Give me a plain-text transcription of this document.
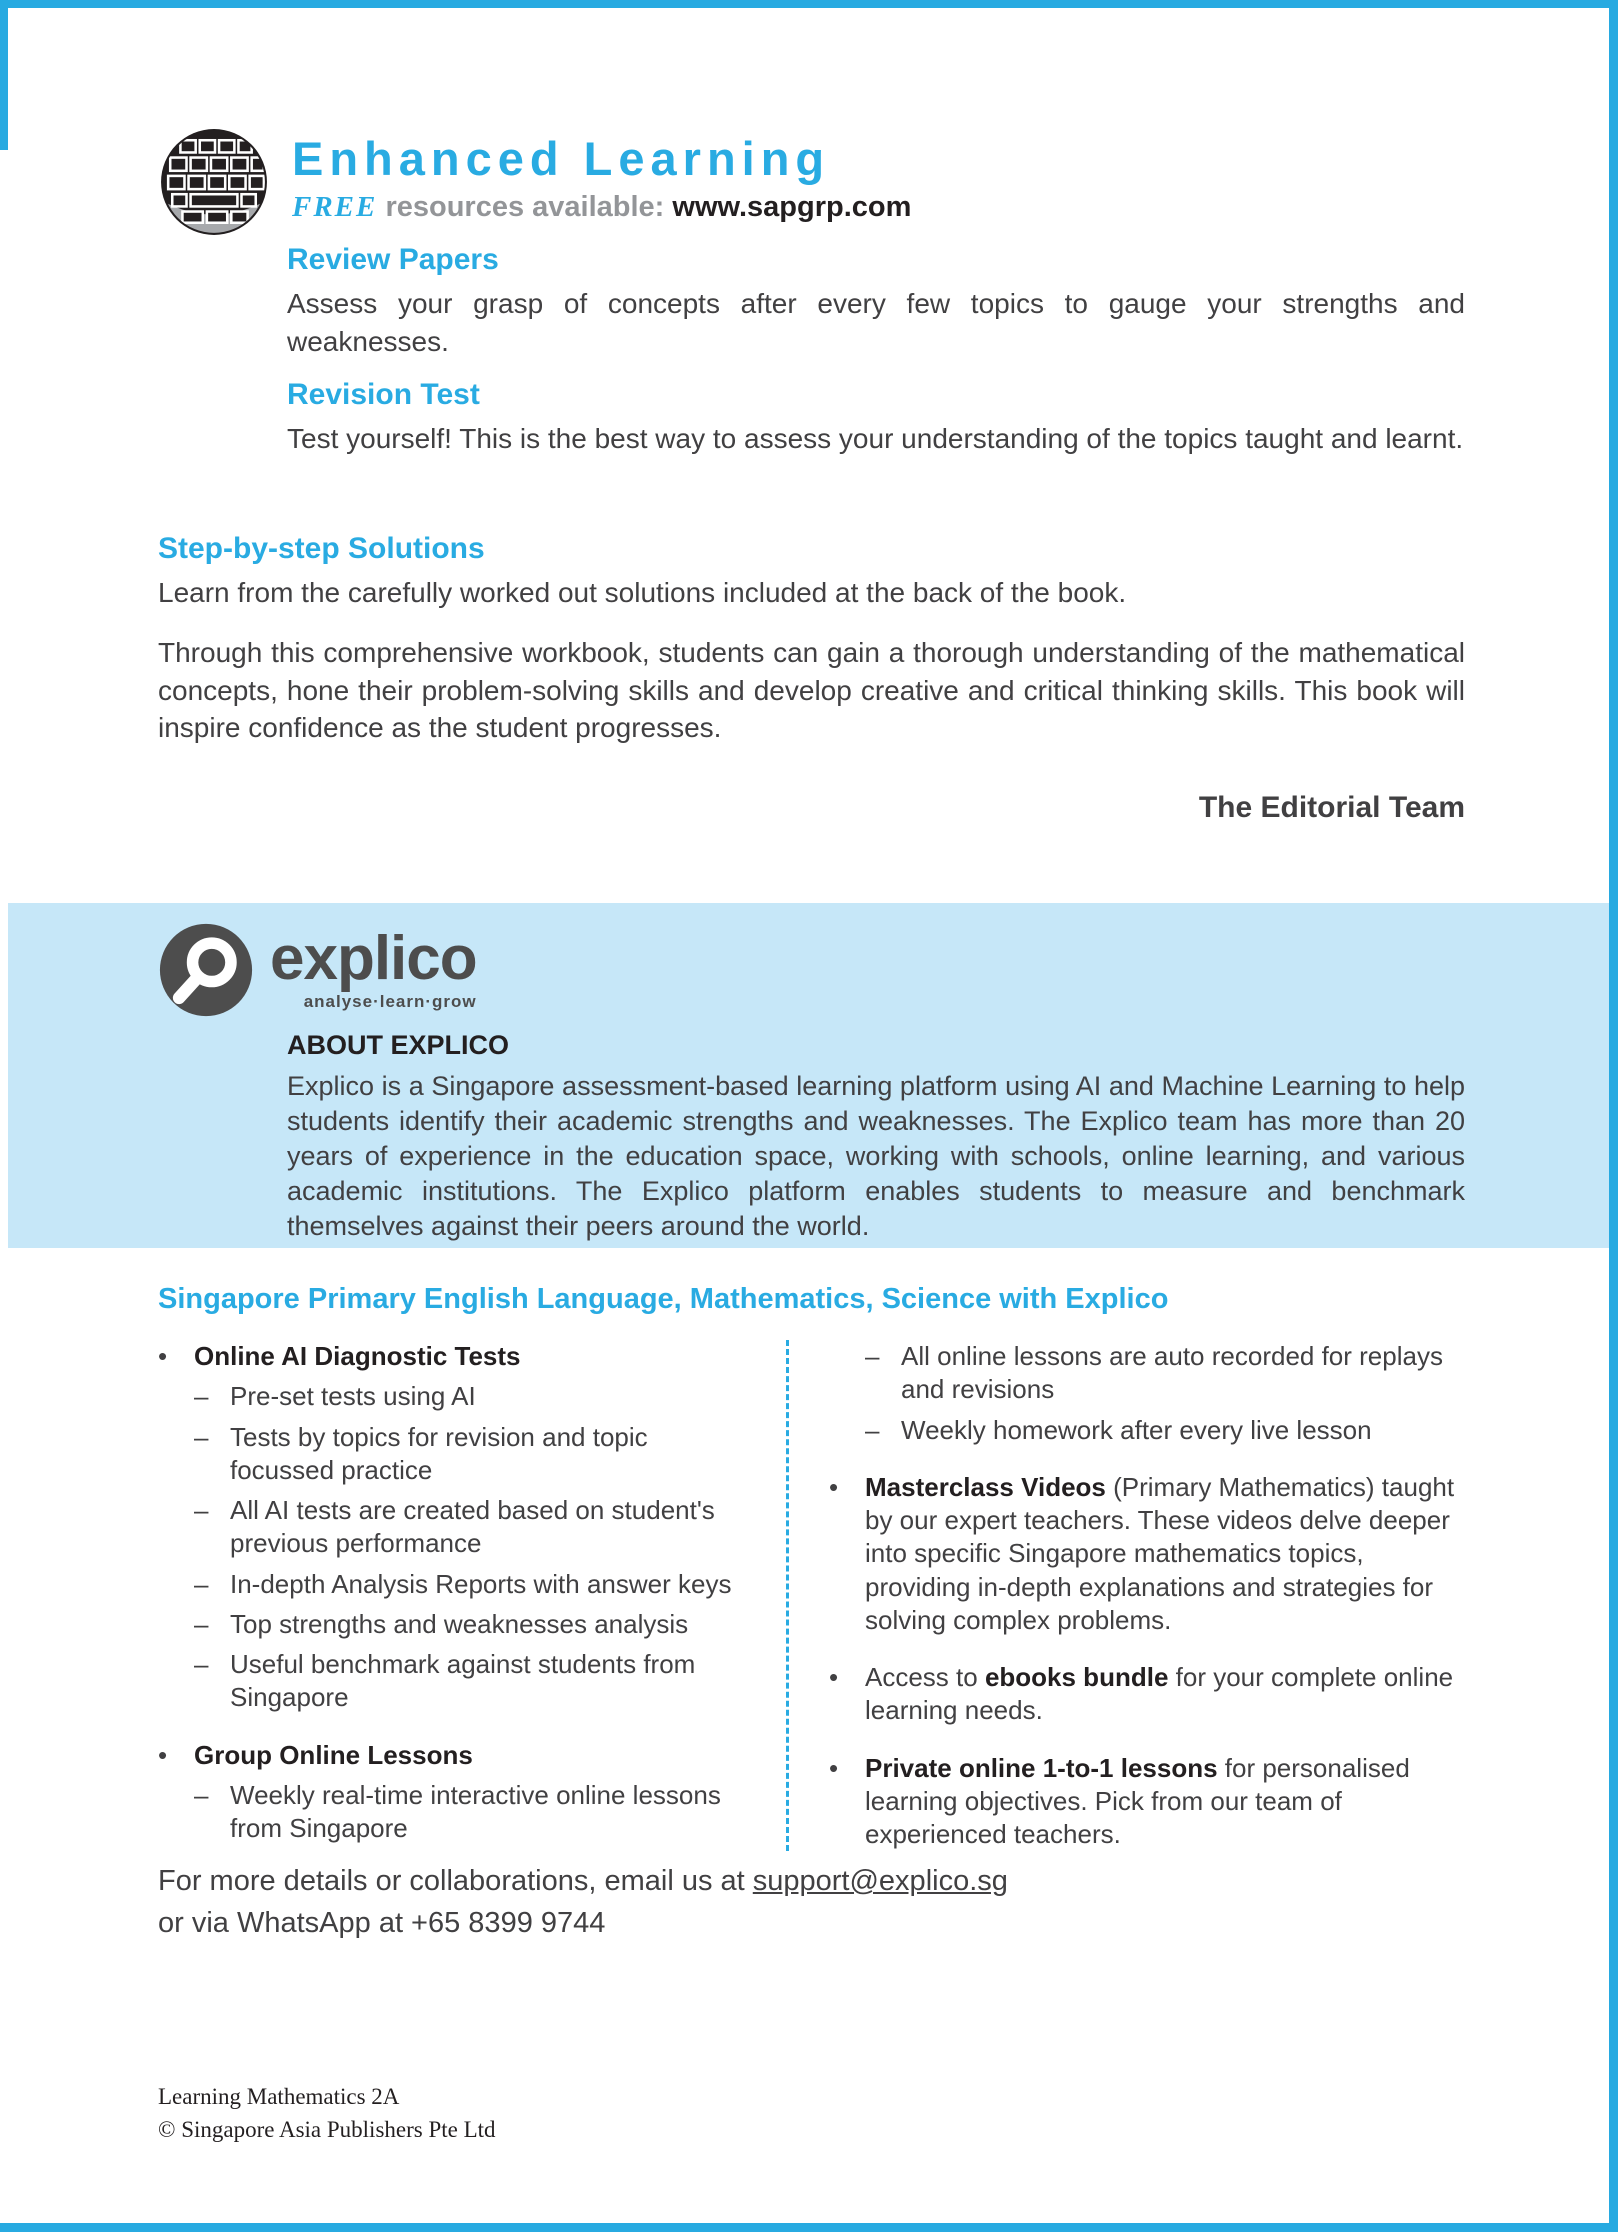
Enhanced Learning
FREE resources available: www.sapgrp.com
Review Papers

Assess your grasp of concepts after every few topics to gauge your strengths and weaknesses.

Revision Test

Test yourself! This is the best way to assess your understanding of the topics taught and learnt.

Step-by-step Solutions

Learn from the carefully worked out solutions included at the back of the book.

Through this comprehensive workbook, students can gain a thorough understanding of the mathematical concepts, hone their problem-solving skills and develop creative and critical thinking skills. This book will inspire confidence as the student progresses.

The Editorial Team
explico
analyse·learn·grow
ABOUT EXPLICO

Explico is a Singapore assessment-based learning platform using AI and Machine Learning to help students identify their academic strengths and weaknesses. The Explico team has more than 20 years of experience in the education space, working with schools, online learning, and various academic institutions. The Explico platform enables students to measure and benchmark themselves against their peers around the world.

Singapore Primary English Language, Mathematics, Science with Explico
•	Online AI Diagnostic Tests
– Pre-set tests using AI
– Tests by topics for revision and topic focussed practice
– All AI tests are created based on student's previous performance
– In-depth Analysis Reports with answer keys
– Top strengths and weaknesses analysis
– Useful benchmark against students from Singapore
•	Group Online Lessons
– Weekly real-time interactive online lessons from Singapore
– All online lessons are auto recorded for replays and revisions
– Weekly homework after every live lesson
•	Masterclass Videos (Primary Mathematics) taught by our expert teachers. These videos delve deeper into specific Singapore mathematics topics, providing in-depth explanations and strategies for solving complex problems.
•	Access to ebooks bundle for your complete online learning needs.
•	Private online 1-to-1 lessons for personalised learning objectives. Pick from our team of experienced teachers.
For more details or collaborations, email us at support@explico.sg
or via WhatsApp at +65 8399 9744
Learning Mathematics 2A
© Singapore Asia Publishers Pte Ltd
